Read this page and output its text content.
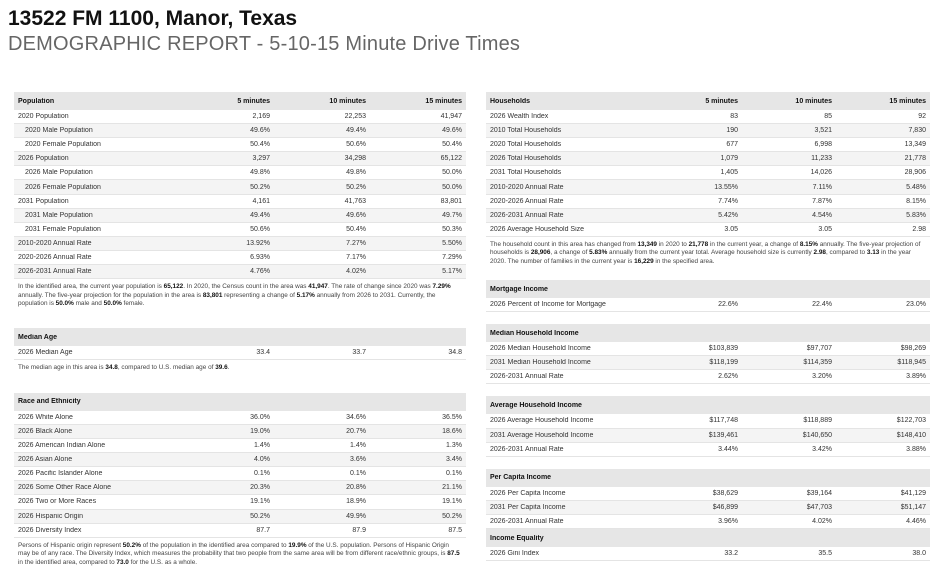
13522 FM 1100, Manor, Texas
DEMOGRAPHIC REPORT - 5-10-15 Minute Drive Times
Population	5 minutes	10 minutes	15 minutes
2020 Population	2,169	22,253	41,947
2020 Male Population	49.6%	49.4%	49.6%
2020 Female Population	50.4%	50.6%	50.4%
2026 Population	3,297	34,298	65,122
2026 Male Population	49.8%	49.8%	50.0%
2026 Female Population	50.2%	50.2%	50.0%
2031 Population	4,161	41,763	83,801
2031 Male Population	49.4%	49.6%	49.7%
2031 Female Population	50.6%	50.4%	50.3%
2010-2020 Annual Rate	13.92%	7.27%	5.50%
2020-2026 Annual Rate	6.93%	7.17%	7.29%
2026-2031 Annual Rate	4.76%	4.02%	5.17%
In the identified area, the current year population is 65,122. In 2020, the Census count in the area was 41,947. The rate of change since 2020 was 7.29% annually. The five-year projection for the population in the area is 83,801 representing a change of 5.17% annually from 2026 to 2031. Currently, the population is 50.0% male and 50.0% female.
Median Age
2026 Median Age	33.4	33.7	34.8
The median age in this area is 34.8, compared to U.S. median age of 39.6.
Race and Ethnicity
2026 White Alone	36.0%	34.6%	36.5%
2026 Black Alone	19.0%	20.7%	18.6%
2026 American Indian Alone	1.4%	1.4%	1.3%
2026 Asian Alone	4.0%	3.6%	3.4%
2026 Pacific Islander Alone	0.1%	0.1%	0.1%
2026 Some Other Race Alone	20.3%	20.8%	21.1%
2026 Two or More Races	19.1%	18.9%	19.1%
2026 Hispanic Origin	50.2%	49.9%	50.2%
2026 Diversity Index	87.7	87.9	87.5
Persons of Hispanic origin represent 50.2% of the population in the identified area compared to 19.9% of the U.S. population. Persons of Hispanic Origin may be of any race. The Diversity Index, which measures the probability that two people from the same area will be from different race/ethnic groups, is 87.5 in the identified area, compared to 73.0 for the U.S. as a whole.
Households	5 minutes	10 minutes	15 minutes
2026 Wealth Index	83	85	92
2010 Total Households	190	3,521	7,830
2020 Total Households	677	6,998	13,349
2026 Total Households	1,079	11,233	21,778
2031 Total Households	1,405	14,026	28,906
2010-2020 Annual Rate	13.55%	7.11%	5.48%
2020-2026 Annual Rate	7.74%	7.87%	8.15%
2026-2031 Annual Rate	5.42%	4.54%	5.83%
2026 Average Household Size	3.05	3.05	2.98
The household count in this area has changed from 13,349 in 2020 to 21,778 in the current year, a change of 8.15% annually. The five-year projection of households is 28,906, a change of 5.83% annually from the current year total. Average household size is currently 2.98, compared to 3.13 in the year 2020. The number of families in the current year is 16,229 in the specified area.
Mortgage Income
2026 Percent of Income for Mortgage	22.6%	22.4%	23.0%
Median Household Income
2026 Median Household Income	$103,839	$97,707	$98,269
2031 Median Household Income	$118,199	$114,359	$118,945
2026-2031 Annual Rate	2.62%	3.20%	3.89%
Average Household Income
2026 Average Household Income	$117,748	$118,889	$122,703
2031 Average Household Income	$139,461	$140,650	$148,410
2026-2031 Annual Rate	3.44%	3.42%	3.88%
Per Capita Income
2026 Per Capita Income	$38,629	$39,164	$41,129
2031 Per Capita Income	$46,899	$47,703	$51,147
2026-2031 Annual Rate	3.96%	4.02%	4.46%
Income Equality
2026 Gini Index	33.2	35.5	38.0
